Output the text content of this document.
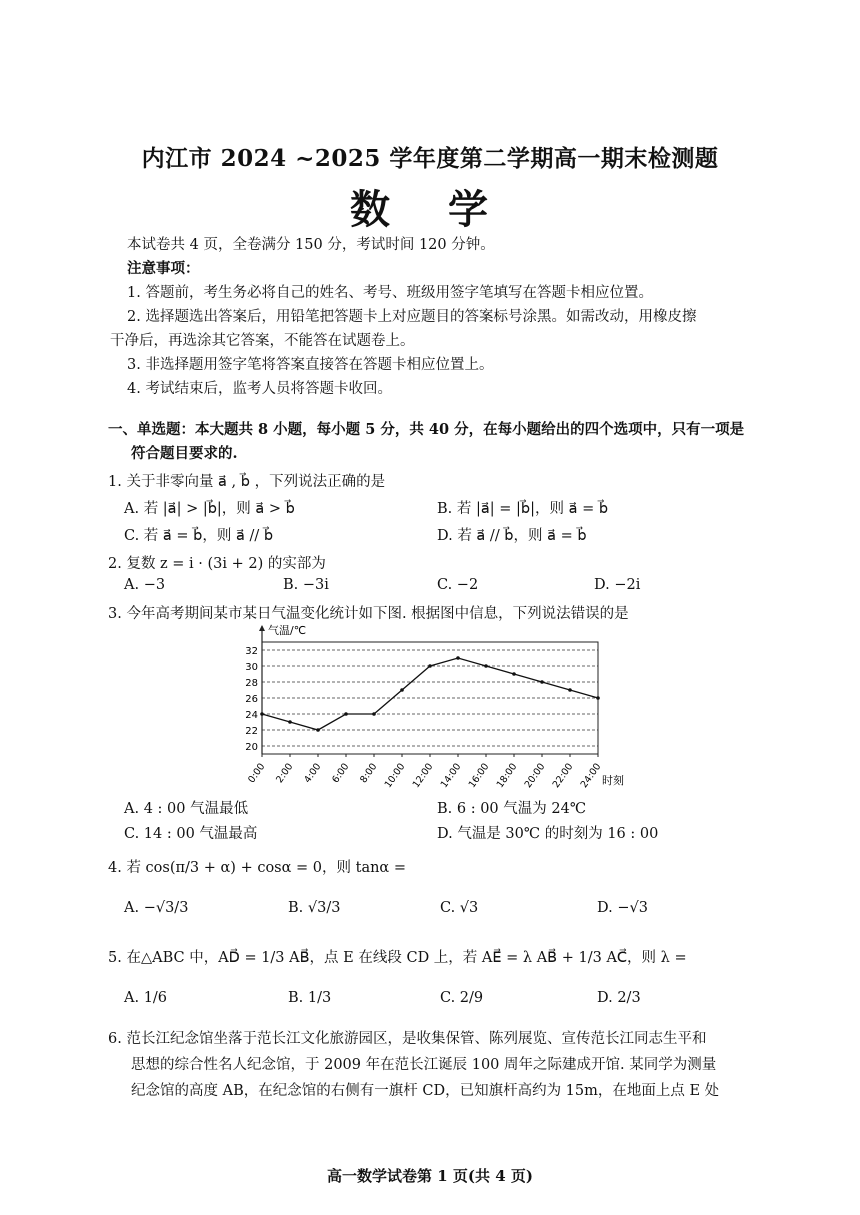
内江市 2024 ~2025 学年度第二学期高一期末检测题
数 学
本试卷共 4 页，全卷满分 150 分，考试时间 120 分钟。
注意事项：
1. 答题前，考生务必将自己的姓名、考号、班级用签字笔填写在答题卡相应位置。
2. 选择题选出答案后，用铅笔把答题卡上对应题目的答案标号涂黑。如需改动，用橡皮擦
干净后，再选涂其它答案，不能答在试题卷上。
3. 非选择题用签字笔将答案直接答在答题卡相应位置上。
4. 考试结束后，监考人员将答题卡收回。
一、单选题：本大题共 8 小题，每小题 5 分，共 40 分，在每小题给出的四个选项中，只有一项是
符合题目要求的.
1. 关于非零向量 a⃗ , b⃗ ，下列说法正确的是
A. 若 |a⃗| > |b⃗|，则 a⃗ > b⃗	B. 若 |a⃗| = |b⃗|，则 a⃗ = b⃗
C. 若 a⃗ = b⃗，则 a⃗ // b⃗	D. 若 a⃗ // b⃗，则 a⃗ = b⃗
2. 复数 z = i · (3i + 2) 的实部为
A. −3	B. −3i	C. −2	D. −2i
3. 今年高考期间某市某日气温变化统计如下图. 根据图中信息，下列说法错误的是
20
22
24
26
28
30
32
0:00 2:00 4:00 6:00 8:00 10:00 12:00 14:00 16:00 18:00 20:00 22:00 24:00
气温/℃
时刻
A. 4 : 00 气温最低	B. 6 : 00 气温为 24℃
C. 14 : 00 气温最高	D. 气温是 30℃ 的时刻为 16 : 00
4. 若 cos(π/3 + α) + cosα = 0，则 tanα =
A. −√3/3	B. √3/3	C. √3	D. −√3
5. 在△ABC 中，AD⃗ = 1/3 AB⃗，点 E 在线段 CD 上，若 AE⃗ = λ AB⃗ + 1/3 AC⃗，则 λ =
A. 1/6	B. 1/3	C. 2/9	D. 2/3
6. 范长江纪念馆坐落于范长江文化旅游园区，是收集保管、陈列展览、宣传范长江同志生平和
思想的综合性名人纪念馆，于 2009 年在范长江诞辰 100 周年之际建成开馆. 某同学为测量
纪念馆的高度 AB，在纪念馆的右侧有一旗杆 CD，已知旗杆高约为 15m，在地面上点 E 处
高一数学试卷第 1 页(共 4 页)
